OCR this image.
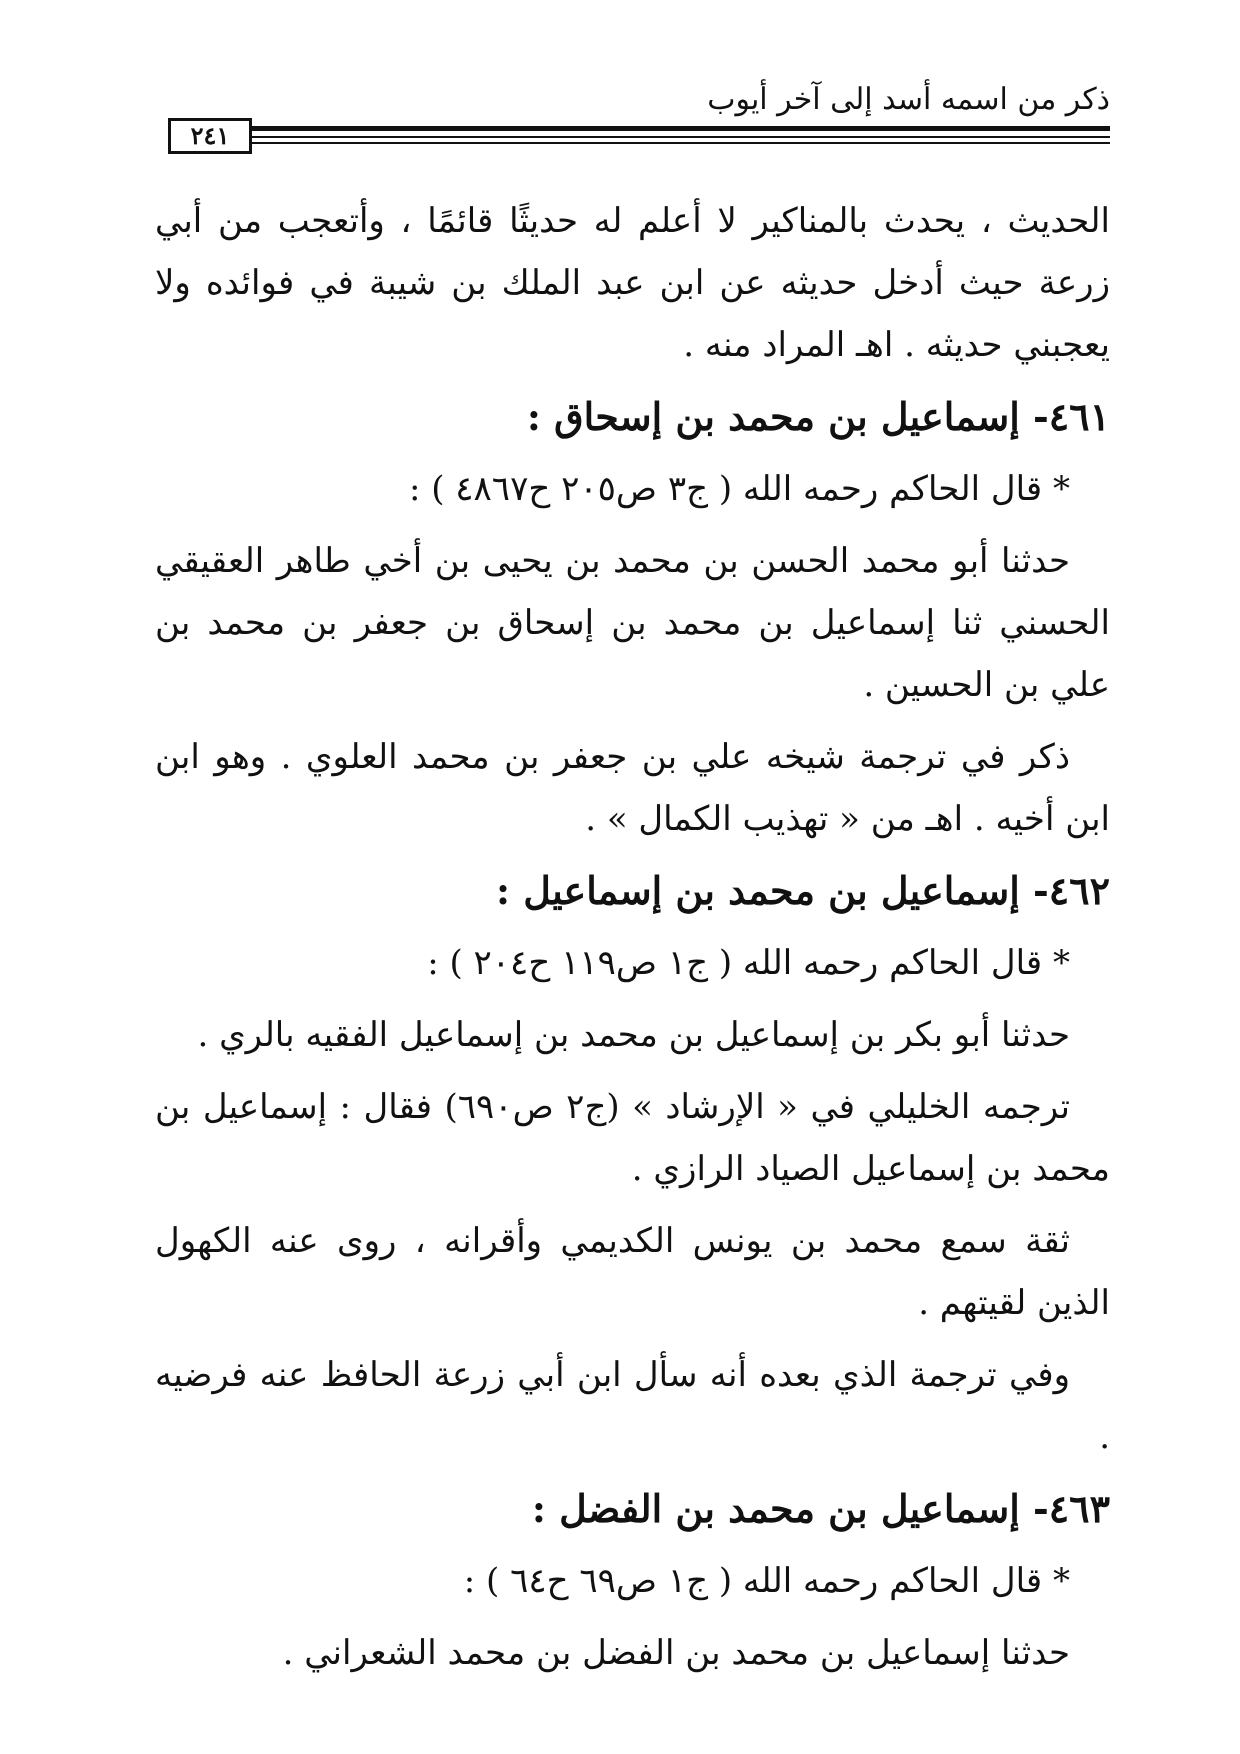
ذكر من اسمه أسد إلى آخر أيوب
٢٤١

الحديث ، يحدث بالمناكير لا أعلم له حديثًا قائمًا ، وأتعجب من أبي زرعة حيث أدخل حديثه عن ابن عبد الملك بن شيبة في فوائده ولا يعجبني حديثه . اهـ المراد منه .

٤٦١- إسماعيل بن محمد بن إسحاق :

* قال الحاكم رحمه الله ( ج٣ ص٢٠٥ ح٤٨٦٧ ) :

حدثنا أبو محمد الحسن بن محمد بن يحيى بن أخي طاهر العقيقي الحسني ثنا إسماعيل بن محمد بن إسحاق بن جعفر بن محمد بن علي بن الحسين .

ذكر في ترجمة شيخه علي بن جعفر بن محمد العلوي . وهو ابن ابن أخيه . اهـ من « تهذيب الكمال » .

٤٦٢- إسماعيل بن محمد بن إسماعيل :

* قال الحاكم رحمه الله ( ج١ ص١١٩ ح٢٠٤ ) :

حدثنا أبو بكر بن إسماعيل بن محمد بن إسماعيل الفقيه بالري .

ترجمه الخليلي في « الإرشاد » (ج٢ ص٦٩٠) فقال : إسماعيل بن محمد بن إسماعيل الصياد الرازي .

ثقة سمع محمد بن يونس الكديمي وأقرانه ، روى عنه الكهول الذين لقيتهم .

وفي ترجمة الذي بعده أنه سأل ابن أبي زرعة الحافظ عنه فرضيه .

٤٦٣- إسماعيل بن محمد بن الفضل :

* قال الحاكم رحمه الله ( ج١ ص٦٩ ح٦٤ ) :

حدثنا إسماعيل بن محمد بن الفضل بن محمد الشعراني .
